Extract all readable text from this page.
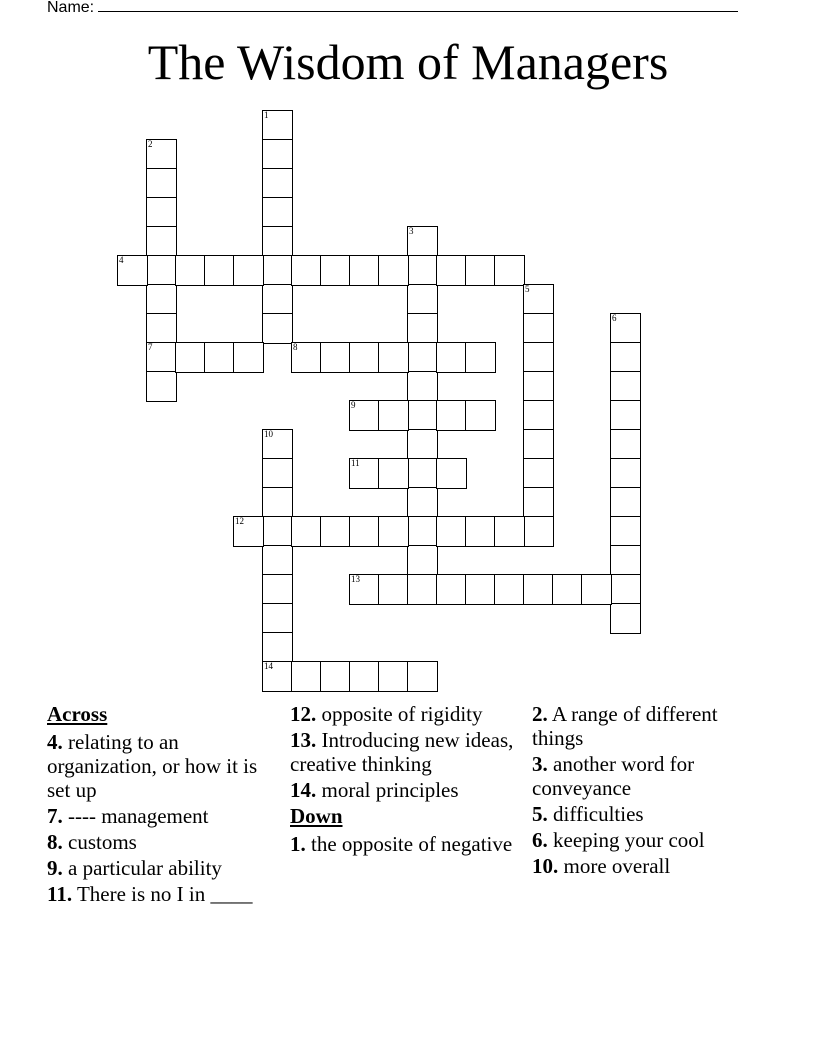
Name:
The Wisdom of Managers
1
2
7
3
4
5
6
8
9
10
14
11
12
13
Across
4. relating to an organization, or how it is set up
7. ---- management
8. customs
9. a particular ability
11. There is no I in ____
12. opposite of rigidity
13. Introducing new ideas, creative thinking
14. moral principles
Down
1. the opposite of negative
2. A range of different things
3. another word for conveyance
5. difficulties
6. keeping your cool
10. more overall
